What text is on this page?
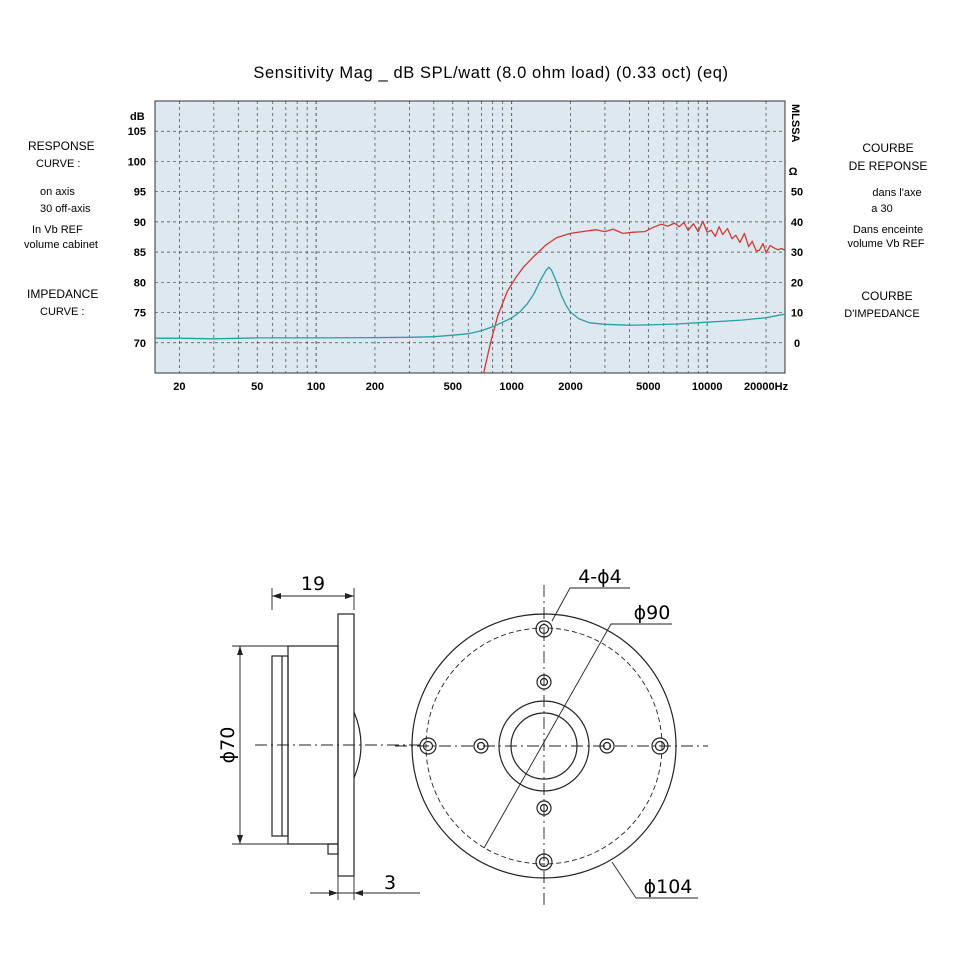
Sensitivity Mag _ dB SPL/watt (8.0 ohm load) (0.33 oct) (eq)
70
75
80
85
90
95
100
105
0
10
20
30
40
50
20	50	100	200	500	1000	2000	5000	10000 20000Hz
dB	MLSSA
Ω
RESPONSE
CURVE :
on axis
30 off-axis
In Vb REF
volume cabinet
IMPEDANCE
CURVE :
COURBE
DE REPONSE
dans l'axe
a 30
Dans enceinte
volume Vb REF
COURBE
D'IMPEDANCE
19
ϕ70
3
4-ϕ4
ϕ90
ϕ104
